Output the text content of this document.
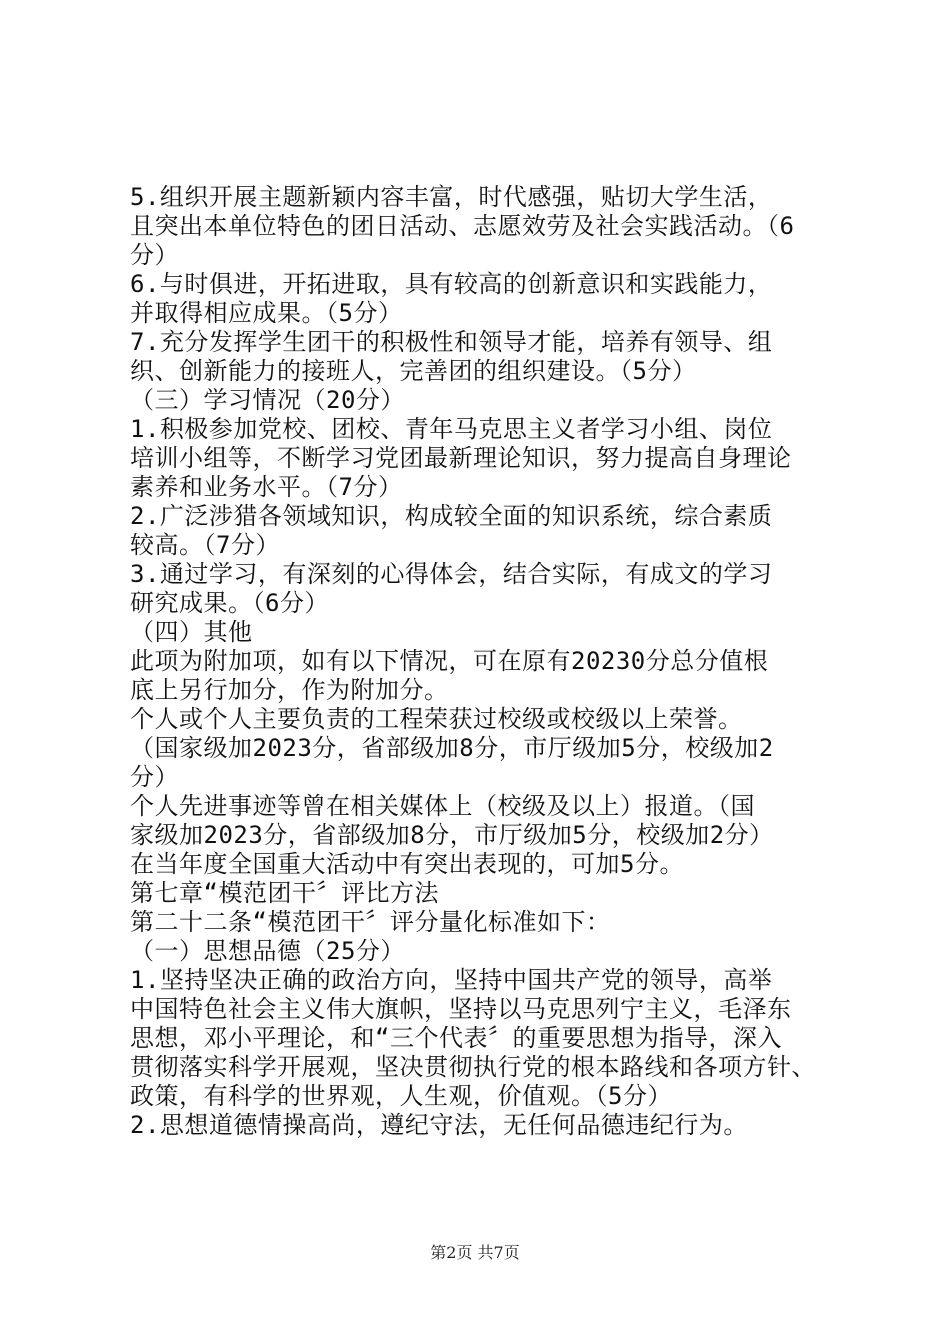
5.组织开展主题新颖内容丰富，时代感强，贴切大学生活，
且突出本单位特色的团日活动、志愿效劳及社会实践活动。（6
分）
6.与时俱进，开拓进取，具有较高的创新意识和实践能力，
并取得相应成果。（5分）
7.充分发挥学生团干的积极性和领导才能，培养有领导、组
织、创新能力的接班人，完善团的组织建设。（5分）
（三）学习情况（20分）
1.积极参加党校、团校、青年马克思主义者学习小组、岗位
培训小组等，不断学习党团最新理论知识，努力提高自身理论
素养和业务水平。（7分）
2.广泛涉猎各领域知识，构成较全面的知识系统，综合素质
较高。（7分）
3.通过学习，有深刻的心得体会，结合实际，有成文的学习
研究成果。（6分）
（四）其他
此项为附加项，如有以下情况，可在原有20230分总分值根
底上另行加分，作为附加分。
个人或个人主要负责的工程荣获过校级或校级以上荣誉。
（国家级加2023分，省部级加8分，市厅级加5分，校级加2
分）
个人先进事迹等曾在相关媒体上（校级及以上）报道。（国
家级加2023分，省部级加8分，市厅级加5分，校级加2分）
在当年度全国重大活动中有突出表现的，可加5分。
第七章“模范团干〞评比方法
第二十二条“模范团干〞评分量化标准如下：
（一）思想品德（25分）
1.坚持坚决正确的政治方向，坚持中国共产党的领导，高举
中国特色社会主义伟大旗帜，坚持以马克思列宁主义，毛泽东
思想，邓小平理论，和“三个代表〞的重要思想为指导，深入
贯彻落实科学开展观，坚决贯彻执行党的根本路线和各项方针、
政策，有科学的世界观，人生观，价值观。（5分）
2.思想道德情操高尚，遵纪守法，无任何品德违纪行为。
第2页 共7页
